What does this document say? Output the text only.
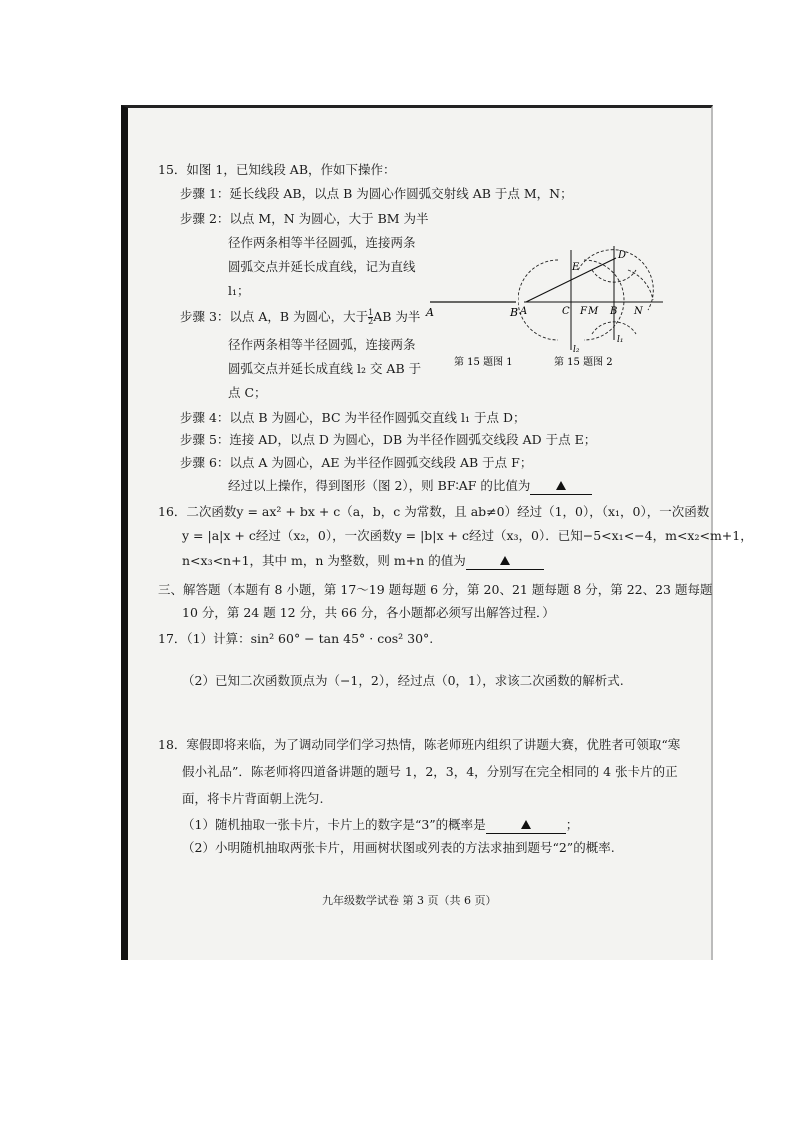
15．如图 1，已知线段 AB，作如下操作：
步骤 1：延长线段 AB，以点 B 为圆心作圆弧交射线 AB 于点 M，N；
步骤 2：以点 M，N 为圆心，大于 BM 为半
径作两条相等半径圆弧，连接两条
圆弧交点并延长成直线，记为直线
l₁；
步骤 3：以点 A，B 为圆心，大于 $\frac{1}{2}$ AB 为半
径作两条相等半径圆弧，连接两条
圆弧交点并延长成直线 l₂ 交 AB 于
点 C；
步骤 4：以点 B 为圆心，BC 为半径作圆弧交直线 l₁ 于点 D；
步骤 5：连接 AD，以点 D 为圆心，DB 为半径作圆弧交线段 AD 于点 E；
步骤 6：以点 A 为圆心，AE 为半径作圆弧交线段 AB 于点 F；
经过以上操作，得到图形（图 2），则 BF∶AF 的比值为
A	B
第 15 题图 1
A	C F M B N
D
E
l₁
l₂
第 15 题图 2
16．二次函数y = ax² + bx + c（a，b，c 为常数，且 ab≠0）经过（1，0），（x₁，0），一次函数
y = |a|x + c经过（x₂，0），一次函数y = |b|x + c经过（x₃，0）．已知−5<x₁<−4，m<x₂<m+1，
n<x₃<n+1，其中 m，n 为整数，则 m+n 的值为
三、解答题（本题有 8 小题，第 17～19 题每题 6 分，第 20、21 题每题 8 分，第 22、23 题每题
10 分，第 24 题 12 分，共 66 分，各小题都必须写出解答过程．）
17．（1）计算：sin² 60° − tan 45° · cos² 30°.
（2）已知二次函数顶点为（−1，2），经过点（0，1），求该二次函数的解析式.
18．寒假即将来临，为了调动同学们学习热情，陈老师班内组织了讲题大赛，优胜者可领取“寒
假小礼品”．陈老师将四道备讲题的题号 1，2，3，4，分别写在完全相同的 4 张卡片的正
面，将卡片背面朝上洗匀.
（1）随机抽取一张卡片，卡片上的数字是“3”的概率是	；
（2）小明随机抽取两张卡片，用画树状图或列表的方法求抽到题号“2”的概率.
九年级数学试卷 第 3 页（共 6 页）
